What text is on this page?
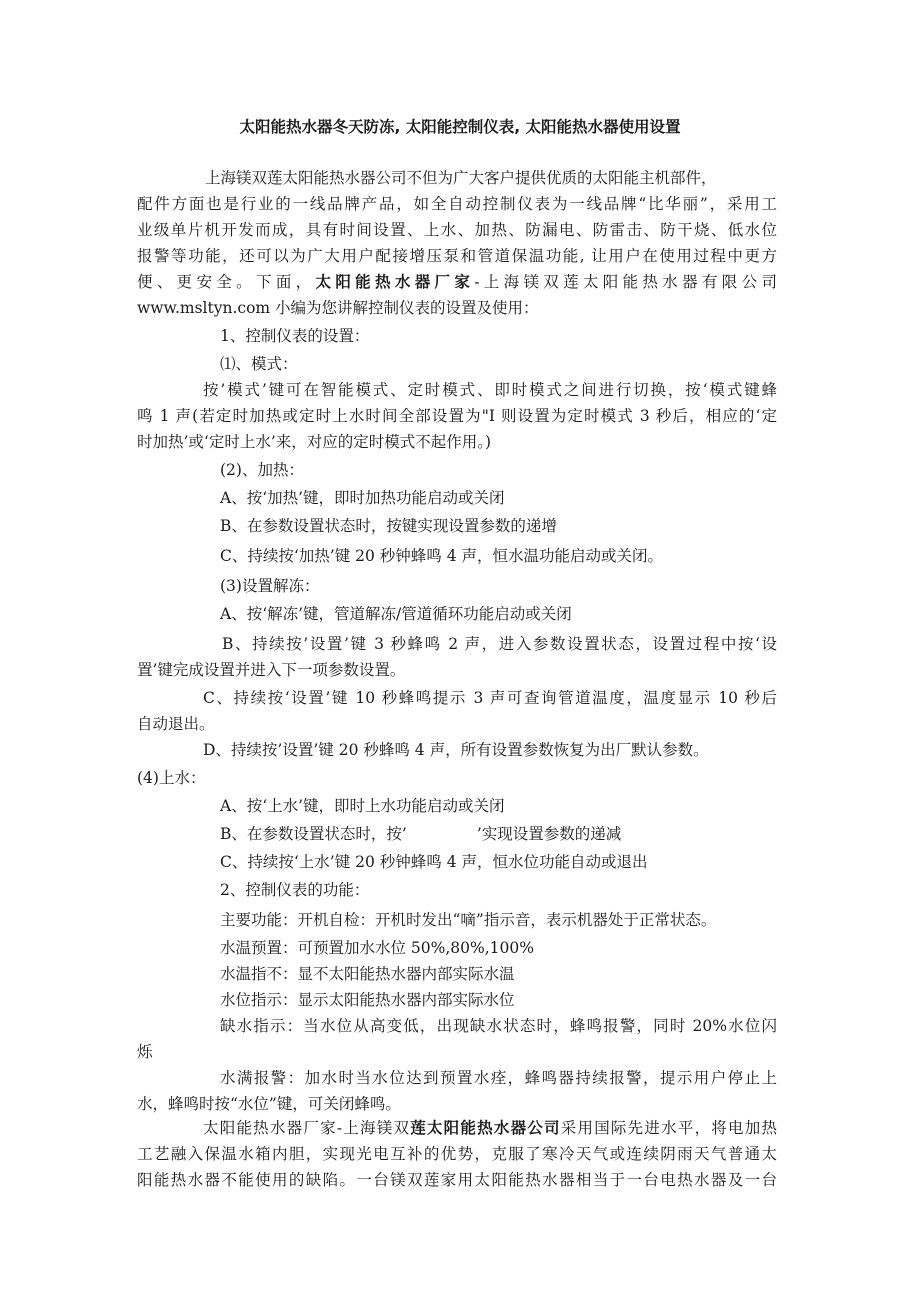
太阳能热水器冬天防冻, 太阳能控制仪表, 太阳能热水器使用设置
上海镁双莲太阳能热水器公司不但为广大客户提供优质的太阳能主机部件，
配件方面也是行业的一线品牌产品，如全自动控制仪表为一线品牌“比华丽”，采用工
业级单片机开发而成，具有时间设置、上水、加热、防漏电、防雷击、防干烧、低水位
报警等功能，还可以为广大用户配接增压泵和管道保温功能, 让用户在使用过程中更方
便、更安全。下面，太阳能热水器厂家-上海镁双莲太阳能热水器有限公司
www.msltyn.com 小编为您讲解控制仪表的设置及使用：
1、控制仪表的设置：
⑴、模式：
按’模式’键可在智能模式、定时模式、即时模式之间进行切换，按‘模式键蜂
鸣 1 声(若定时加热或定时上水时间全部设置为"I 则设置为定时模式 3 秒后，相应的‘定
时加热’或‘定时上水’来，对应的定时模式不起作用。)
(2)、加热：
A、按‘加热’键，即时加热功能启动或关闭
B、在参数设置状态时，按键实现设置参数的递增
C、持续按‘加热’键 20 秒钟蜂鸣 4 声，恒水温功能启动或关闭。
(3)设置解冻：
A、按‘解冻’键，管道解冻/管道循环功能启动或关闭
B、持续按’设置’键 3 秒蜂鸣 2 声，进入参数设置状态，设置过程中按‘设
置’键完成设置并进入下一项参数设置。
C、持续按‘设置’键 10 秒蜂鸣提示 3 声可查询管道温度，温度显示 10 秒后
自动退出。
D、持续按’设置’键 20 秒蜂鸣 4 声，所有设置参数恢复为出厂默认参数。
(4)上水：
A、按‘上水’键，即时上水功能启动或关闭
B、在参数设置状态时，按’	’实现设置参数的递减
C、持续按‘上水’键 20 秒钟蜂鸣 4 声，恒水位功能自动或退出
2、控制仪表的功能：
主要功能：开机自检：开机时发出“嘀”指示音，表示机器处于正常状态。
水温预置：可预置加水水位 50%,80%,100%
水温指不：显不太阳能热水器内部实际水温
水位指示：显示太阳能热水器内部实际水位
缺水指示：当水位从高变低，出现缺水状态时，蜂鸣报警，同时 20%水位闪
烁
水满报警：加水时当水位达到预置水痊，蜂鸣器持续报警，提示用户停止上
水，蜂鸣时按“水位”键，可关闭蜂鸣。
太阳能热水器厂家-上海镁双莲太阳能热水器公司采用国际先进水平，将电加热
工艺融入保温水箱内胆，实现光电互补的优势，克服了寒冷天气或连续阴雨天气普通太
阳能热水器不能使用的缺陷。一台镁双莲家用太阳能热水器相当于一台电热水器及一台
